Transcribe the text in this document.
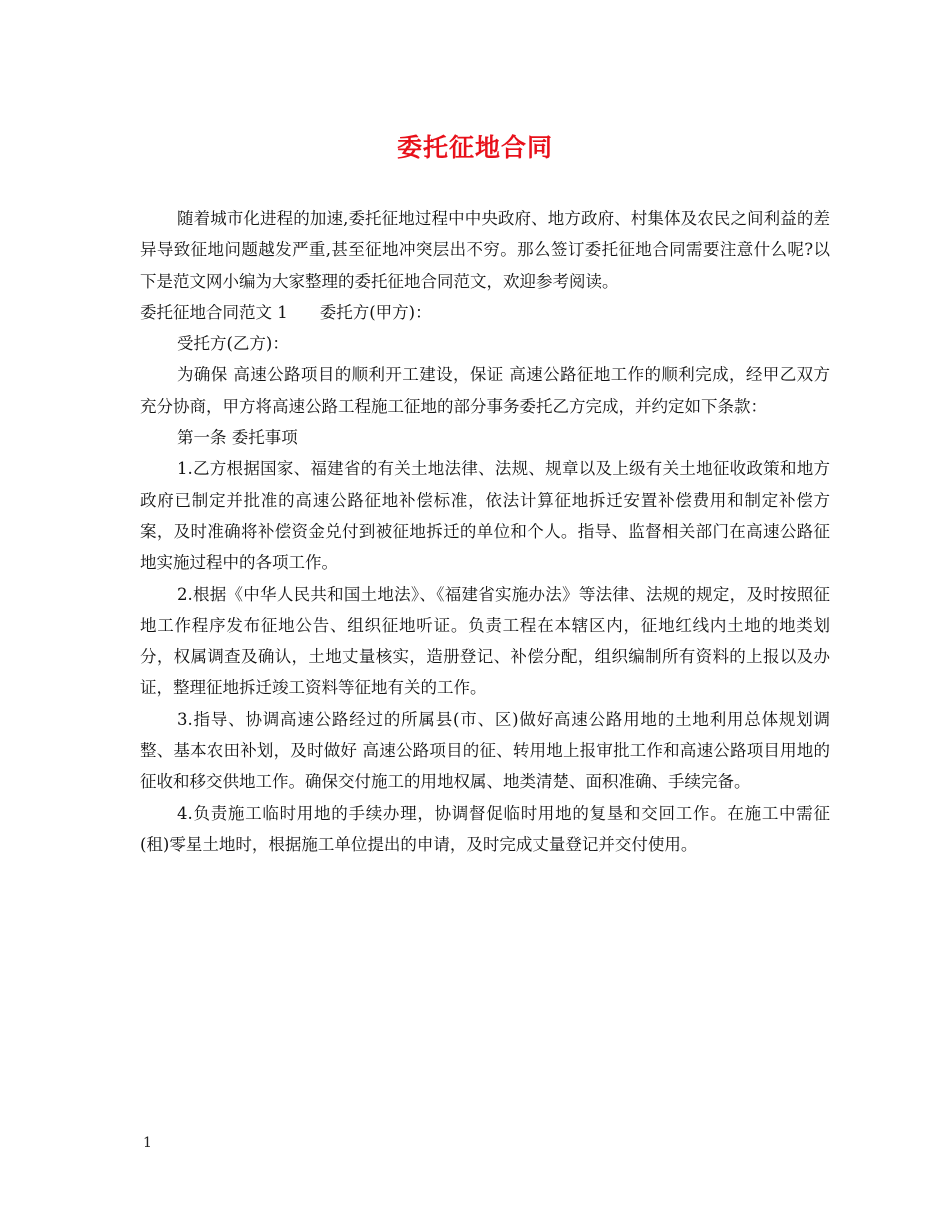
委托征地合同

随着城市化进程的加速,委托征地过程中中央政府、地方政府、村集体及农民之间利益的差异导致征地问题越发严重,甚至征地冲突层出不穷。那么签订委托征地合同需要注意什么呢?以下是范文网小编为大家整理的委托征地合同范文，欢迎参考阅读。

委托征地合同范文 1 委托方(甲方)：

受托方(乙方)：

为确保 高速公路项目的顺利开工建设，保证 高速公路征地工作的顺利完成，经甲乙双方充分协商，甲方将高速公路工程施工征地的部分事务委托乙方完成，并约定如下条款：

第一条 委托事项

1.乙方根据国家、福建省的有关土地法律、法规、规章以及上级有关土地征收政策和地方政府已制定并批准的高速公路征地补偿标准，依法计算征地拆迁安置补偿费用和制定补偿方案，及时准确将补偿资金兑付到被征地拆迁的单位和个人。指导、监督相关部门在高速公路征地实施过程中的各项工作。

2.根据《中华人民共和国土地法》、《福建省实施办法》等法律、法规的规定，及时按照征地工作程序发布征地公告、组织征地听证。负责工程在本辖区内，征地红线内土地的地类划分，权属调查及确认，土地丈量核实，造册登记、补偿分配，组织编制所有资料的上报以及办证，整理征地拆迁竣工资料等征地有关的工作。

3.指导、协调高速公路经过的所属县(市、区)做好高速公路用地的土地利用总体规划调整、基本农田补划，及时做好 高速公路项目的征、转用地上报审批工作和高速公路项目用地的征收和移交供地工作。确保交付施工的用地权属、地类清楚、面积准确、手续完备。

4.负责施工临时用地的手续办理，协调督促临时用地的复垦和交回工作。在施工中需征(租)零星土地时，根据施工单位提出的申请，及时完成丈量登记并交付使用。

1
